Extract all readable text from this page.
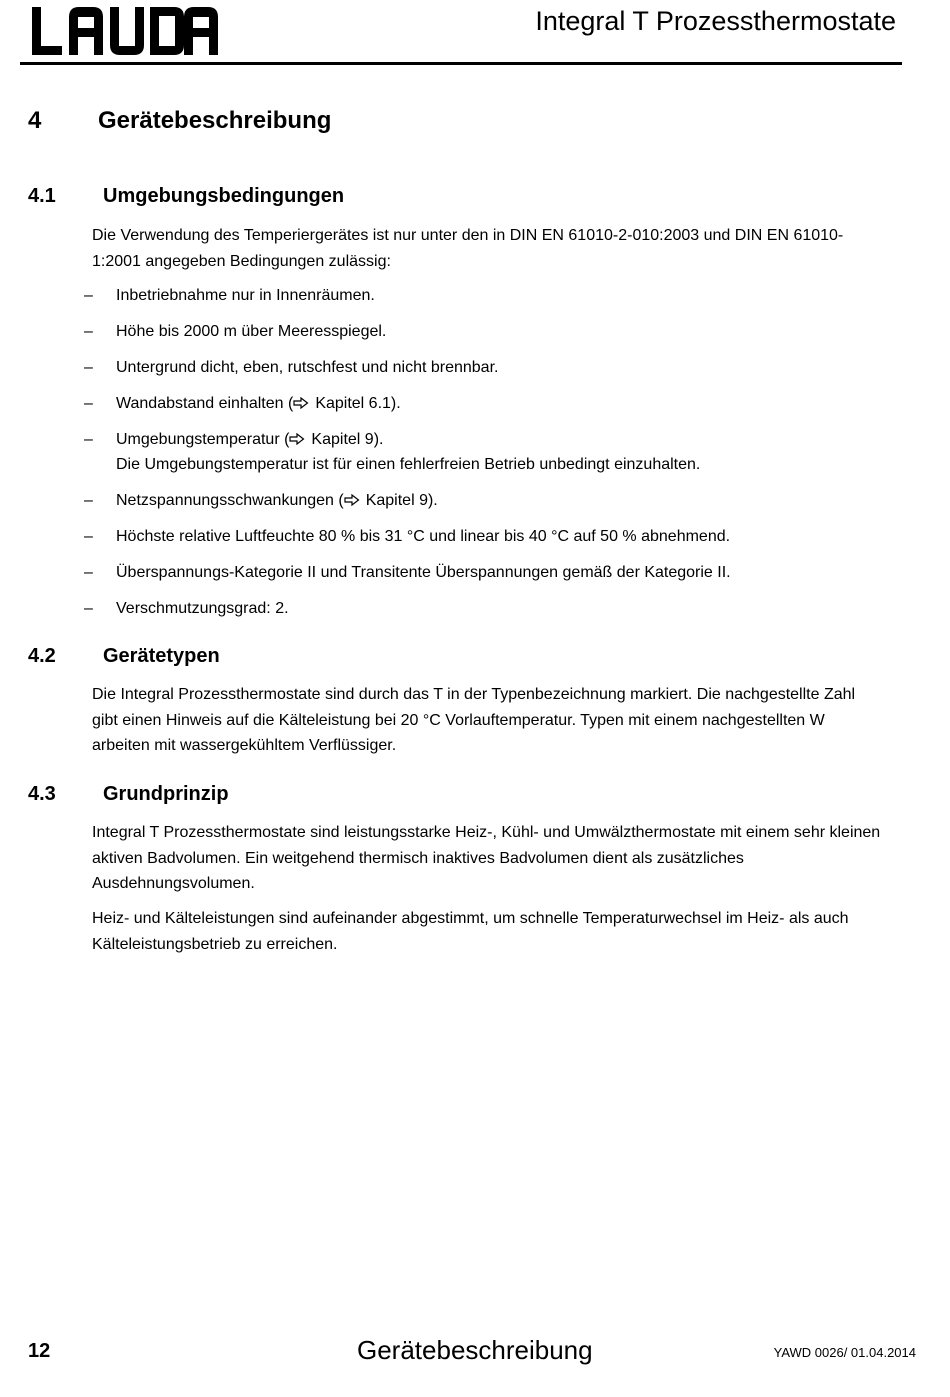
Integral T Prozessthermostate
4 Gerätebeschreibung
4.1 Umgebungsbedingungen
Die Verwendung des Temperiergerätes ist nur unter den in DIN EN 61010-2-010:2003 und DIN EN 61010-1:2001 angegeben Bedingungen zulässig:
– Inbetriebnahme nur in Innenräumen.
– Höhe bis 2000 m über Meeresspiegel.
– Untergrund dicht, eben, rutschfest und nicht brennbar.
– Wandabstand einhalten ( Kapitel 6.1).
– Umgebungstemperatur ( Kapitel 9).
Die Umgebungstemperatur ist für einen fehlerfreien Betrieb unbedingt einzuhalten.
– Netzspannungsschwankungen ( Kapitel 9).
– Höchste relative Luftfeuchte 80 % bis 31 °C und linear bis 40 °C auf 50 % abnehmend.
– Überspannungs-Kategorie II und Transitente Überspannungen gemäß der Kategorie II.
– Verschmutzungsgrad: 2.
4.2 Gerätetypen
Die Integral Prozessthermostate sind durch das T in der Typenbezeichnung markiert. Die nachgestellte Zahl gibt einen Hinweis auf die Kälteleistung bei 20 °C Vorlauftemperatur. Typen mit einem nachgestellten W arbeiten mit wassergekühltem Verflüssiger.
4.3 Grundprinzip
Integral T Prozessthermostate sind leistungsstarke Heiz-, Kühl- und Umwälzthermostate mit einem sehr kleinen aktiven Badvolumen. Ein weitgehend thermisch inaktives Badvolumen dient als zusätzliches Ausdehnungsvolumen.
Heiz- und Kälteleistungen sind aufeinander abgestimmt, um schnelle Temperaturwechsel im Heiz- als auch Kälteleistungsbetrieb zu erreichen.
12	Gerätebeschreibung	YAWD 0026/ 01.04.2014
